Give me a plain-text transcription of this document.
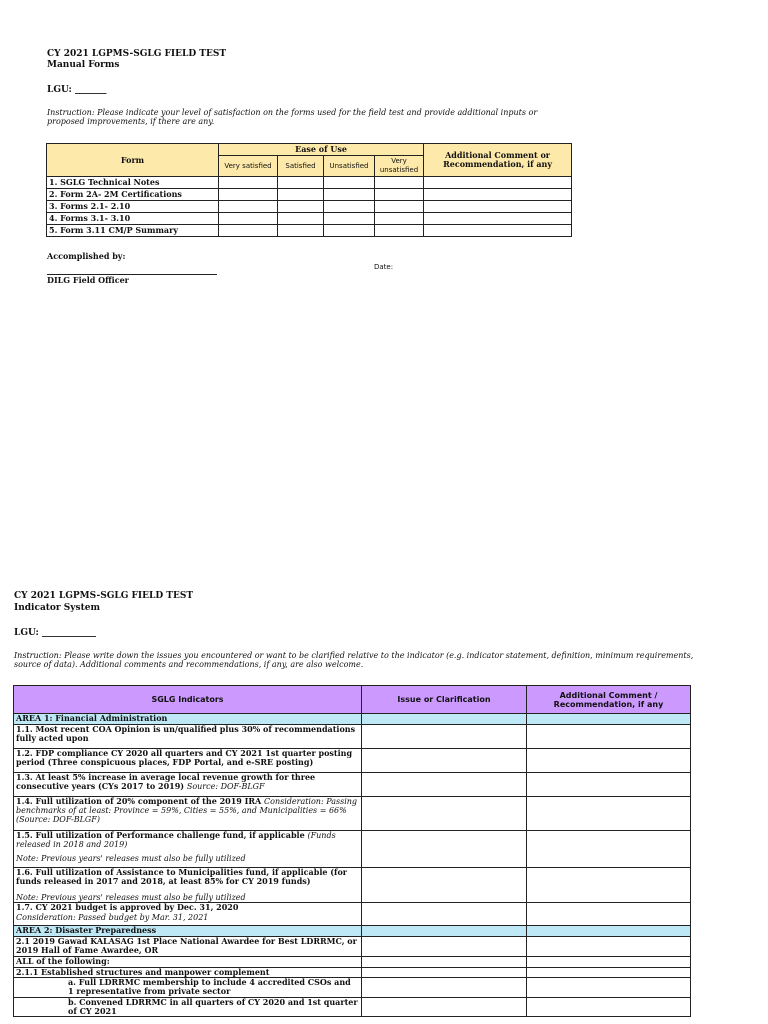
CY 2021 LGPMS-SGLG FIELD TEST
Manual Forms
LGU: _______
Instruction: Please indicate your level of satisfaction on the forms used for the field test and provide additional inputs or proposed improvements, if there are any.
Form	Ease of Use				Additional Comment or Recommendation, if any
	Very satisfied	Satisfied	Unsatisfied	Very unsatisfied	
1. SGLG Technical Notes					
2. Form 2A- 2M Certifications					
3. Forms 2.1- 2.10					
4. Forms 3.1- 3.10					
5. Form 3.11 CM/P Summary					
Accomplished by:
Date:
DILG Field Officer
CY 2021 LGPMS-SGLG FIELD TEST
Indicator System
LGU: ____________
Instruction: Please write down the issues you encountered or want to be clarified relative to the indicator (e.g. indicator statement, definition, minimum requirements, source of data). Additional comments and recommendations, if any, are also welcome.
SGLG Indicators	Issue or Clarification	Additional Comment / Recommendation, if any
AREA 1: Financial Administration		
1.1. Most recent COA Opinion is un/qualified plus 30% of recommendations fully acted upon		
1.2. FDP compliance CY 2020 all quarters and CY 2021 1st quarter posting period (Three conspicuous places, FDP Portal, and e-SRE posting)		
1.3. At least 5% increase in average local revenue growth for three consecutive years (CYs 2017 to 2019) Source: DOF-BLGF		
1.4. Full utilization of 20% component of the 2019 IRA Consideration: Passing benchmarks of at least: Province = 59%, Cities = 55%, and Municipalities = 66% (Source: DOF-BLGF)		
1.5. Full utilization of Performance challenge fund, if applicable (Funds released in 2018 and 2019)
Note: Previous years' releases must also be fully utilized		

1.6. Full utilization of Assistance to Municipalities fund, if applicable (for funds released in 2017 and 2018, at least 85% for CY 2019 funds)
Note: Previous years' releases must also be fully utilized		

1.7. CY 2021 budget is approved by Dec. 31, 2020
Consideration: Passed budget by Mar. 31, 2021		

AREA 2: Disaster Preparedness		
2.1 2019 Gawad KALASAG 1st Place National Awardee for Best LDRRMC, or 2019 Hall of Fame Awardee, OR		
ALL of the following:		
2.1.1 Established structures and manpower complement		
a. Full LDRRMC membership to include 4 accredited CSOs and 1 representative from private sector		
b. Convened LDRRMC in all quarters of CY 2020 and 1st quarter of CY 2021		
